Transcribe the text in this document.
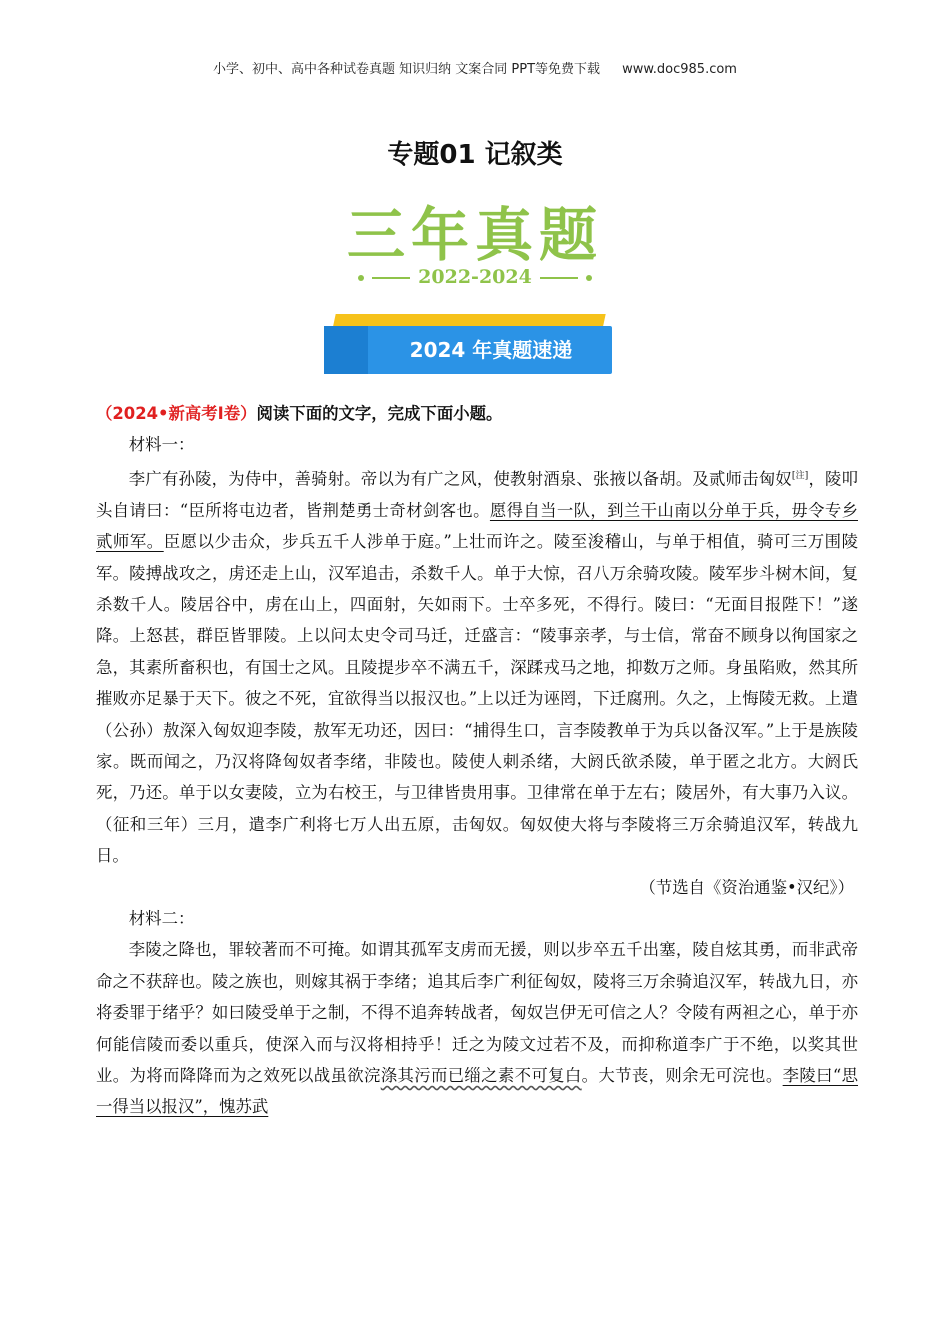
小学、初中、高中各种试卷真题 知识归纳 文案合同 PPT等免费下载 www.doc985.com
专题01 记叙类
三年真题
2022-2024
2024 年真题速递

（2024•新高考Ⅰ卷）阅读下面的文字，完成下面小题。

材料一：

李广有孙陵，为侍中，善骑射。帝以为有广之风，使教射酒泉、张掖以备胡。及贰师击匈奴[注]，陵叩头自请曰：“臣所将屯边者，皆荆楚勇士奇材剑客也。愿得自当一队，到兰干山南以分单于兵，毋令专乡贰师军。臣愿以少击众，步兵五千人涉单于庭。”上壮而许之。陵至浚稽山，与单于相值，骑可三万围陵军。陵搏战攻之，虏还走上山，汉军追击，杀数千人。单于大惊，召八万余骑攻陵。陵军步斗树木间，复杀数千人。陵居谷中，虏在山上，四面射，矢如雨下。士卒多死，不得行。陵曰：“无面目报陛下！”遂降。上怒甚，群臣皆罪陵。上以问太史令司马迁，迁盛言：“陵事亲孝，与士信，常奋不顾身以徇国家之急，其素所畜积也，有国士之风。且陵提步卒不满五千，深蹂戎马之地，抑数万之师。身虽陷败，然其所摧败亦足暴于天下。彼之不死，宜欲得当以报汉也。”上以迁为诬罔，下迁腐刑。久之，上悔陵无救。上遣（公孙）敖深入匈奴迎李陵，敖军无功还，因曰：“捕得生口，言李陵教单于为兵以备汉军。”上于是族陵家。既而闻之，乃汉将降匈奴者李绪，非陵也。陵使人刺杀绪，大阏氏欲杀陵，单于匿之北方。大阏氏死，乃还。单于以女妻陵，立为右校王，与卫律皆贵用事。卫律常在单于左右；陵居外，有大事乃入议。（征和三年）三月，遣李广利将七万人出五原，击匈奴。匈奴使大将与李陵将三万余骑追汉军，转战九日。

（节选自《资治通鉴•汉纪》）

材料二：

李陵之降也，罪较著而不可掩。如谓其孤军支虏而无援，则以步卒五千出塞，陵自炫其勇，而非武帝命之不获辞也。陵之族也，则嫁其祸于李绪；追其后李广利征匈奴，陵将三万余骑追汉军，转战九日，亦将委罪于绪乎？如曰陵受单于之制，不得不追奔转战者，匈奴岂伊无可信之人？令陵有两袒之心，单于亦何能信陵而委以重兵，使深入而与汉将相持乎！迁之为陵文过若不及，而抑称道李广于不绝，以奖其世业。为将而降降而为之效死以战虽欲浣涤其污而已缁之素不可复白。大节丧，则余无可浣也。李陵曰“思一得当以报汉”，愧苏武
